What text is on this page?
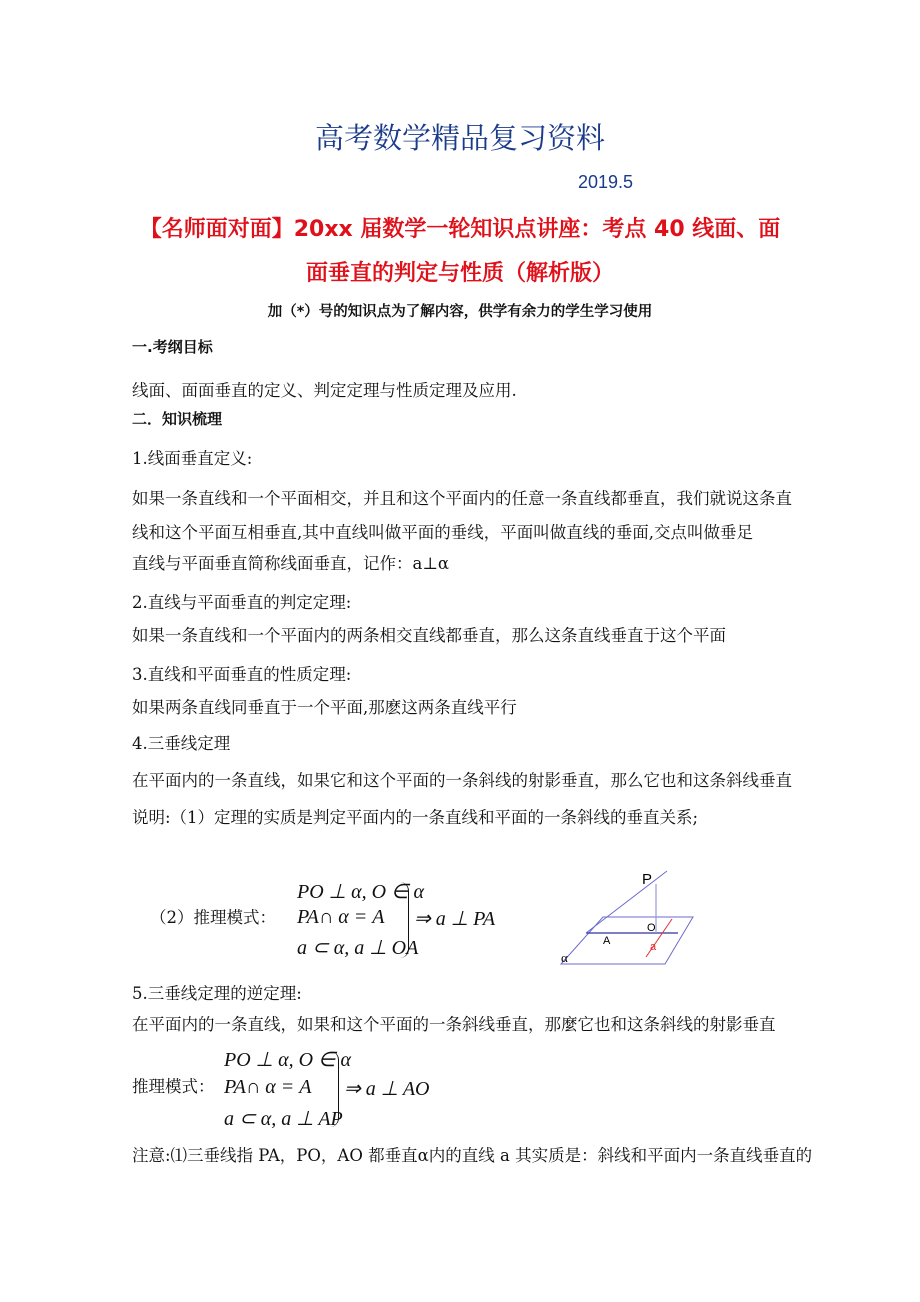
高考数学精品复习资料
2019.5
【名师面对面】20xx 届数学一轮知识点讲座：考点 40 线面、面
面垂直的判定与性质（解析版）
加（*）号的知识点为了解内容，供学有余力的学生学习使用
一.考纲目标
线面、面面垂直的定义、判定定理与性质定理及应用.
二．知识梳理
1.线面垂直定义:
如果一条直线和一个平面相交，并且和这个平面内的任意一条直线都垂直，我们就说这条直
线和这个平面互相垂直,其中直线叫做平面的垂线，平面叫做直线的垂面,交点叫做垂足
直线与平面垂直简称线面垂直，记作：a⊥α
2.直线与平面垂直的判定定理:
如果一条直线和一个平面内的两条相交直线都垂直，那么这条直线垂直于这个平面
3.直线和平面垂直的性质定理:
如果两条直线同垂直于一个平面,那麽这两条直线平行
4.三垂线定理
在平面内的一条直线，如果它和这个平面的一条斜线的射影垂直，那么它也和这条斜线垂直
说明:（1）定理的实质是判定平面内的一条直线和平面的一条斜线的垂直关系;
（2）推理模式：
PO ⊥ α, O ∈ α
PA∩ α = A
a ⊂ α, a ⊥ OA
⇒ a ⊥ PA
P
O
A	a
α
5.三垂线定理的逆定理:
在平面内的一条直线，如果和这个平面的一条斜线垂直，那麼它也和这条斜线的射影垂直
推理模式：
PO ⊥ α, O ∈ α
PA∩ α = A
a ⊂ α, a ⊥ AP
⇒ a ⊥ AO
注意:⑴三垂线指 PA，PO，AO 都垂直α内的直线 a 其实质是：斜线和平面内一条直线垂直的
